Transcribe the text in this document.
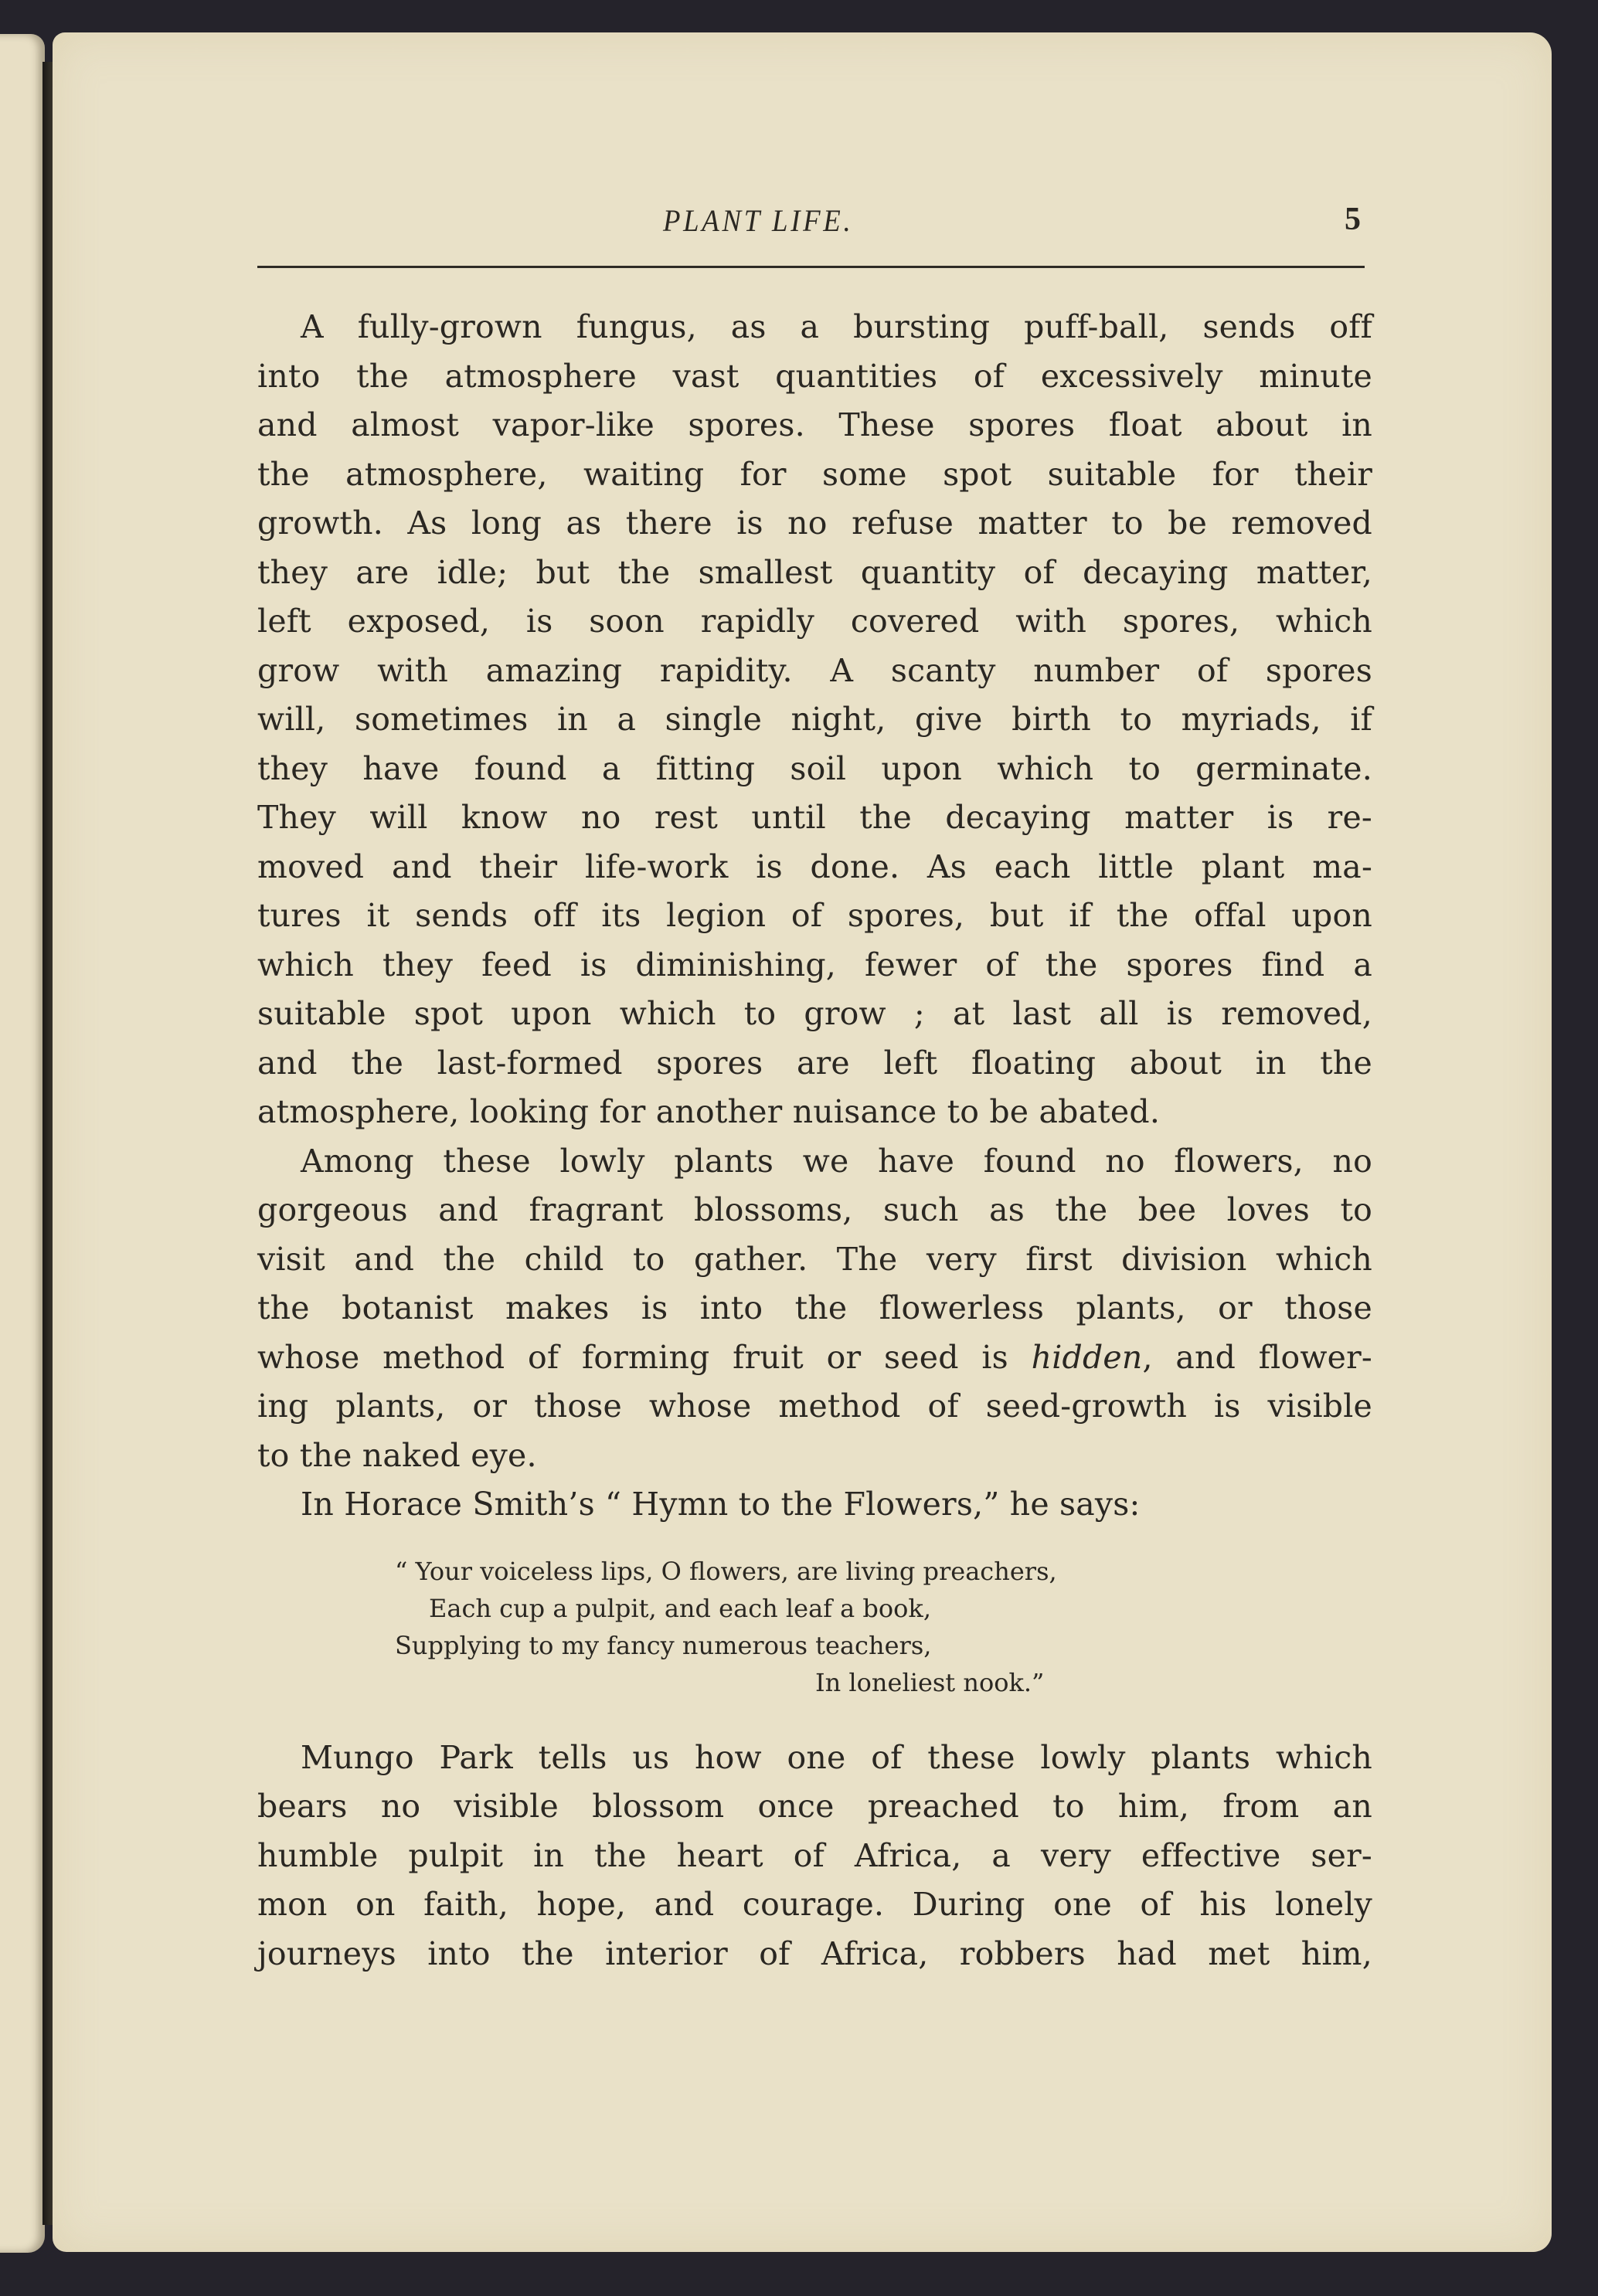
PLANT LIFE.	5
A fully-grown fungus, as a bursting puff-ball, sends off
into the atmosphere vast quantities of excessively minute
and almost vapor-like spores. These spores float about in
the atmosphere, waiting for some spot suitable for their
growth. As long as there is no refuse matter to be removed
they are idle; but the smallest quantity of decaying matter,
left exposed, is soon rapidly covered with spores, which
grow with amazing rapidity. A scanty number of spores
will, sometimes in a single night, give birth to myriads, if
they have found a fitting soil upon which to germinate.
They will know no rest until the decaying matter is re-
moved and their life-work is done. As each little plant ma-
tures it sends off its legion of spores, but if the offal upon
which they feed is diminishing, fewer of the spores find a
suitable spot upon which to grow ; at last all is removed,
and the last-formed spores are left floating about in the
atmosphere, looking for another nuisance to be abated.
Among these lowly plants we have found no flowers, no
gorgeous and fragrant blossoms, such as the bee loves to
visit and the child to gather. The very first division which
the botanist makes is into the flowerless plants, or those
whose method of forming fruit or seed is hidden, and flower-
ing plants, or those whose method of seed-growth is visible
to the naked eye.
In Horace Smith’s “ Hymn to the Flowers,” he says:
“ Your voiceless lips, O flowers, are living preachers,
Each cup a pulpit, and each leaf a book,
Supplying to my fancy numerous teachers,
In loneliest nook.”
Mungo Park tells us how one of these lowly plants which
bears no visible blossom once preached to him, from an
humble pulpit in the heart of Africa, a very effective ser-
mon on faith, hope, and courage. During one of his lonely
journeys into the interior of Africa, robbers had met him,
